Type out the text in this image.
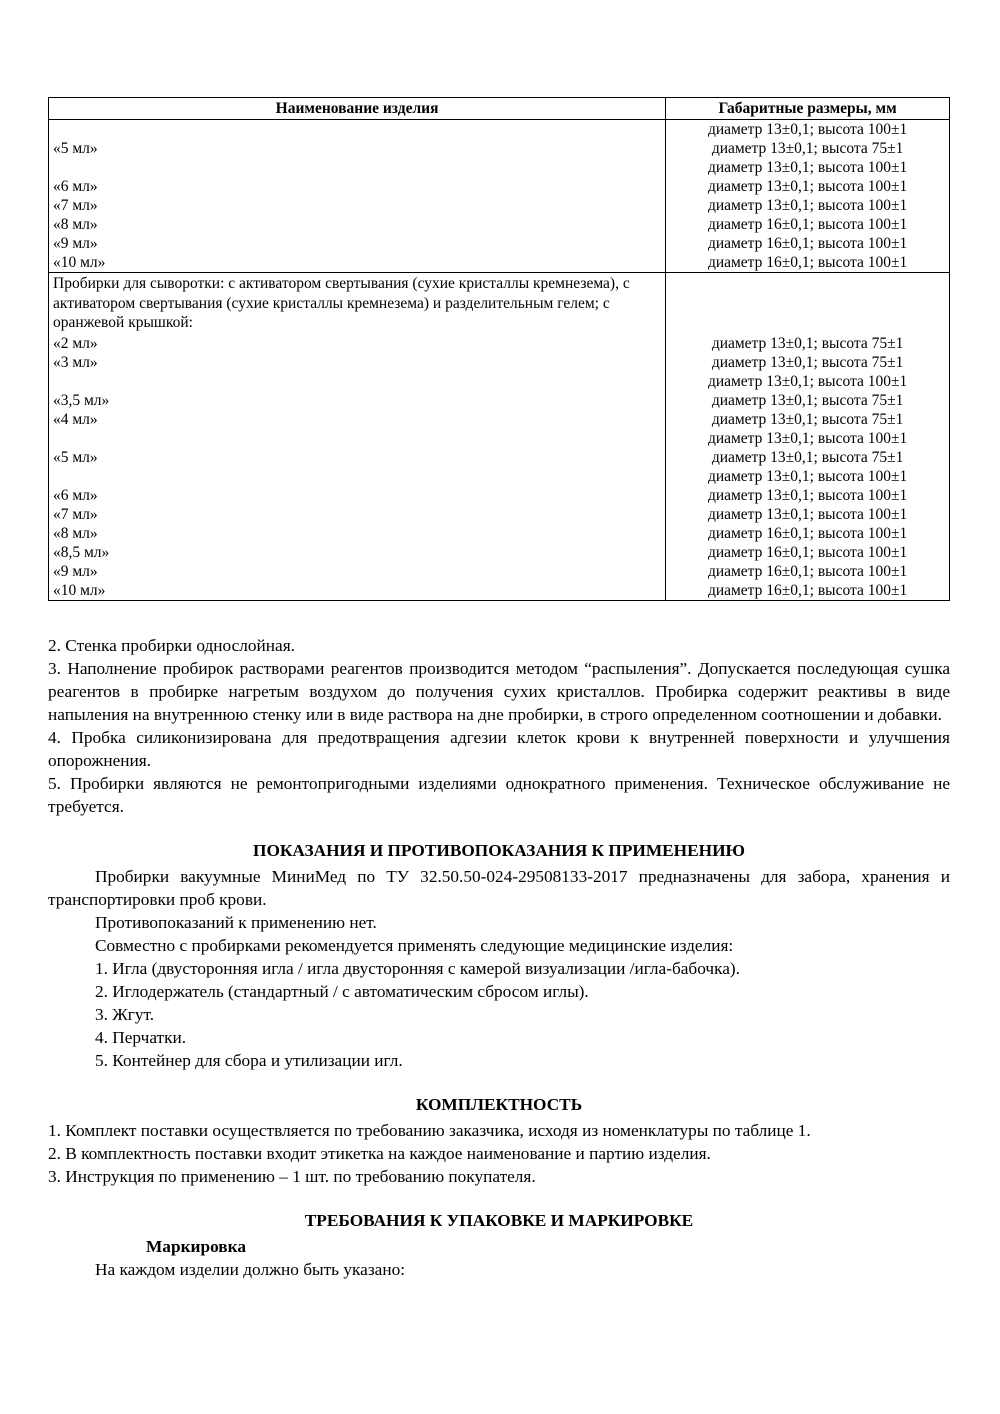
Наименование изделия	Габаритные размеры, мм
	диаметр 13±0,1; высота 100±1
«5 мл»	диаметр 13±0,1; высота 75±1
	диаметр 13±0,1; высота 100±1
«6 мл»	диаметр 13±0,1; высота 100±1
«7 мл»	диаметр 13±0,1; высота 100±1
«8 мл»	диаметр 16±0,1; высота 100±1
«9 мл»	диаметр 16±0,1; высота 100±1
«10 мл»	диаметр 16±0,1; высота 100±1
Пробирки для сыворотки: с активатором свертывания (сухие кристаллы кремнезема), с активатором свертывания (сухие кристаллы кремнезема) и разделительным гелем; с оранжевой крышкой:	
«2 мл»	диаметр 13±0,1; высота 75±1
«3 мл»	диаметр 13±0,1; высота 75±1
	диаметр 13±0,1; высота 100±1
«3,5 мл»	диаметр 13±0,1; высота 75±1
«4 мл»	диаметр 13±0,1; высота 75±1
	диаметр 13±0,1; высота 100±1
«5 мл»	диаметр 13±0,1; высота 75±1
	диаметр 13±0,1; высота 100±1
«6 мл»	диаметр 13±0,1; высота 100±1
«7 мл»	диаметр 13±0,1; высота 100±1
«8 мл»	диаметр 16±0,1; высота 100±1
«8,5 мл»	диаметр 16±0,1; высота 100±1
«9 мл»	диаметр 16±0,1; высота 100±1
«10 мл»	диаметр 16±0,1; высота 100±1

2. Стенка пробирки однослойная.

3. Наполнение пробирок растворами реагентов производится методом “распыления”. Допускается последующая сушка реагентов в пробирке нагретым воздухом до получения сухих кристаллов. Пробирка содержит реактивы в виде напыления на внутреннюю стенку или в виде раствора на дне пробирки, в строго определенном соотношении и добавки.

4. Пробка силиконизирована для предотвращения адгезии клеток крови к внутренней поверхности и улучшения опорожнения.

5. Пробирки являются не ремонтопригодными изделиями однократного применения. Техническое обслуживание не требуется.

ПОКАЗАНИЯ И ПРОТИВОПОКАЗАНИЯ К ПРИМЕНЕНИЮ

Пробирки вакуумные МиниМед по ТУ 32.50.50-024-29508133-2017 предназначены для забора, хранения и транспортировки проб крови.

Противопоказаний к применению нет.

Совместно с пробирками рекомендуется применять следующие медицинские изделия:

1. Игла (двусторонняя игла / игла двусторонняя с камерой визуализации /игла-бабочка).

2. Иглодержатель (стандартный / с автоматическим сбросом иглы).

3. Жгут.

4. Перчатки.

5. Контейнер для сбора и утилизации игл.

КОМПЛЕКТНОСТЬ

1. Комплект поставки осуществляется по требованию заказчика, исходя из номенклатуры по таблице 1.

2. В комплектность поставки входит этикетка на каждое наименование и партию изделия.

3. Инструкция по применению – 1 шт. по требованию покупателя.

ТРЕБОВАНИЯ К УПАКОВКЕ И МАРКИРОВКЕ

Маркировка

На каждом изделии должно быть указано:
